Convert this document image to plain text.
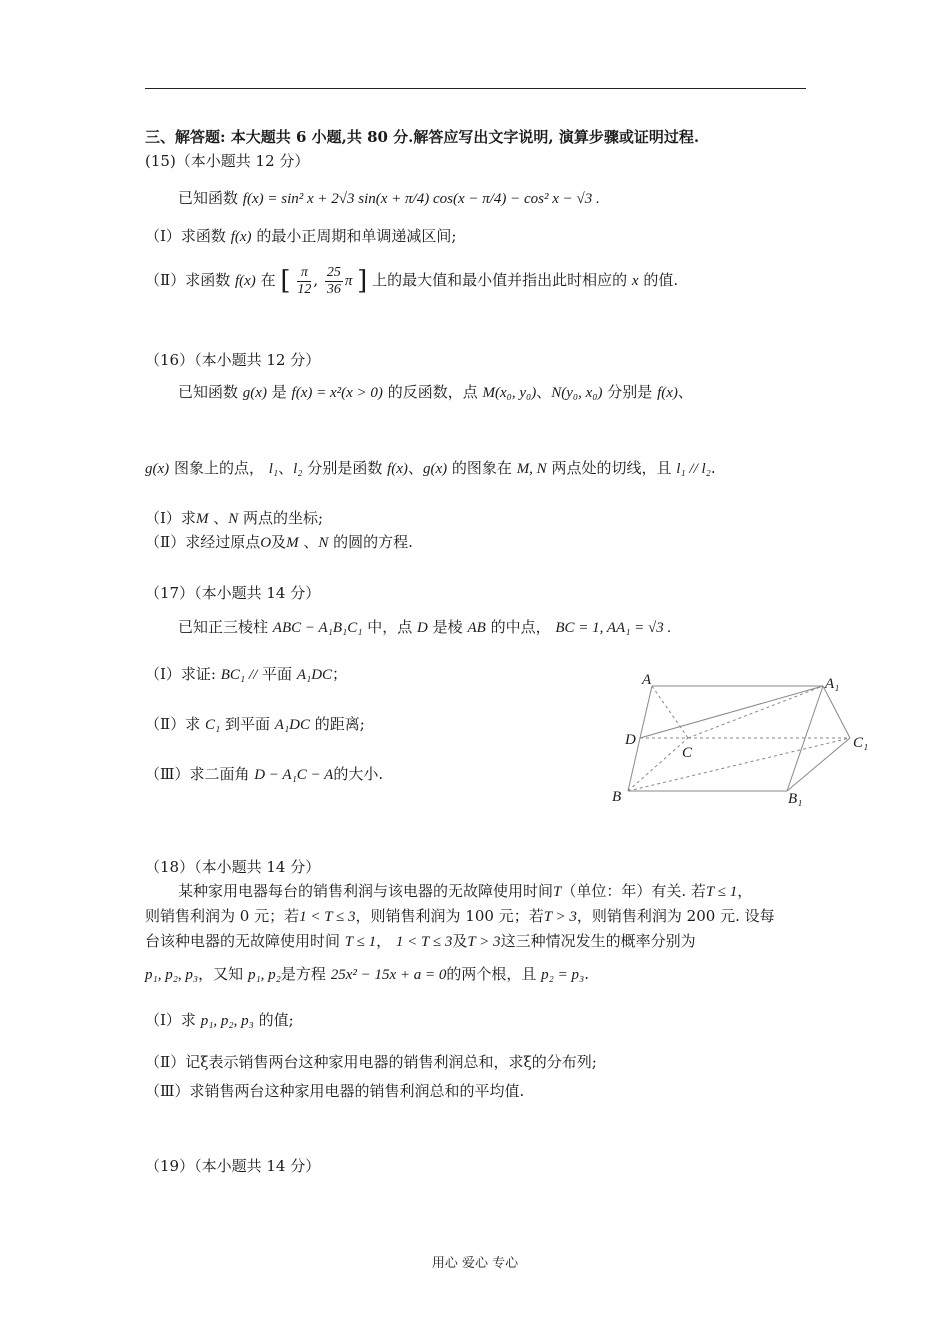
三、解答题: 本大题共 6 小题,共 80 分.解答应写出文字说明, 演算步骤或证明过程.
(15)（本小题共 12 分）
已知函数 f(x) = sin² x + 2√3 sin(x + π/4) cos(x − π/4) − cos² x − √3 .
（Ⅰ）求函数 f(x) 的最小正周期和单调递减区间;
（Ⅱ）求函数 f(x) 在 [ $\frac{\pi}{12}$ , $\frac{25}{36}$ π ] 上的最大值和最小值并指出此时相应的 x 的值.
（16）（本小题共 12 分）
已知函数 g(x) 是 f(x) = x²(x > 0) 的反函数，点 M(x₀, y₀)、N(y₀, x₀) 分别是 f(x)、
g(x) 图象上的点， l₁、l₂ 分别是函数 f(x)、g(x) 的图象在 M, N 两点处的切线，且 l₁ // l₂.
（Ⅰ）求M 、N 两点的坐标;
（Ⅱ）求经过原点O及M 、N 的圆的方程.
（17）（本小题共 14 分）
已知正三棱柱 ABC − A₁B₁C₁ 中，点 D 是棱 AB 的中点， BC = 1, AA₁ = √3 .
（Ⅰ）求证: BC₁ // 平面 A₁DC；
（Ⅱ）求 C₁ 到平面 A₁DC 的距离;
（Ⅲ）求二面角 D − A₁C − A的大小.
A	A₁
D
C
C₁
B	B₁
（18）（本小题共 14 分）
某种家用电器每台的销售利润与该电器的无故障使用时间T（单位：年）有关. 若T ≤ 1，
则销售利润为 0 元；若1 < T ≤ 3，则销售利润为 100 元；若T > 3，则销售利润为 200 元. 设每
台该种电器的无故障使用时间 T ≤ 1， 1 < T ≤ 3及T > 3这三种情况发生的概率分别为
p₁, p₂, p₃，又知 p₁, p₂是方程 25x² − 15x + a = 0的两个根，且 p₂ = p₃.
（Ⅰ）求 p₁, p₂, p₃ 的值;
（Ⅱ）记ξ表示销售两台这种家用电器的销售利润总和，求ξ的分布列;
（Ⅲ）求销售两台这种家用电器的销售利润总和的平均值.
（19）（本小题共 14 分）
用心 爱心 专心
